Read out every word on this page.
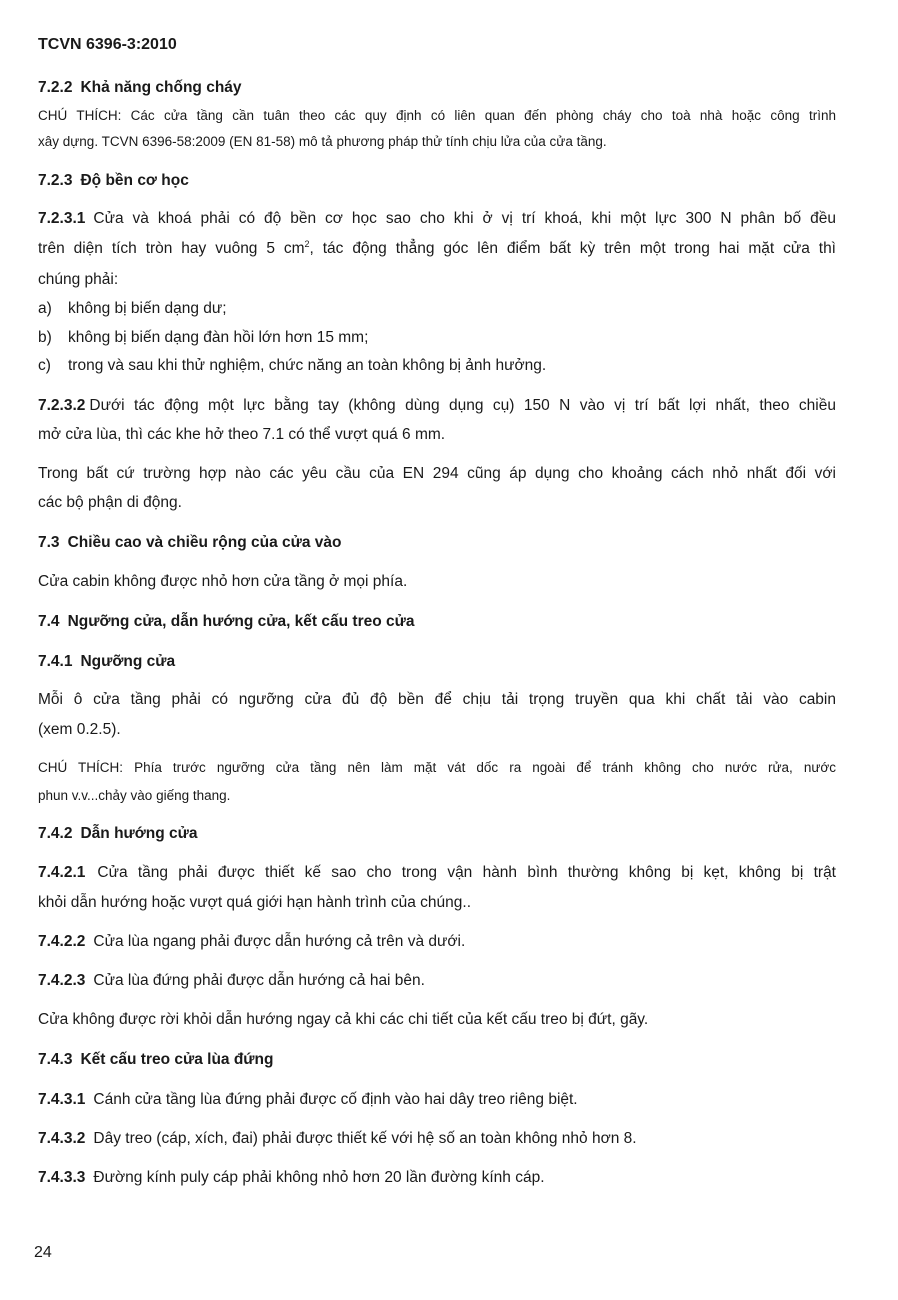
TCVN 6396-3:2010
7.2.2 Khả năng chống cháy
CHÚ THÍCH: Các cửa tầng cần tuân theo các quy định có liên quan đến phòng cháy cho toà nhà hoặc công trình
xây dựng. TCVN 6396-58:2009 (EN 81-58) mô tả phương pháp thử tính chịu lửa của cửa tầng.
7.2.3 Độ bền cơ học
7.2.3.1 Cửa và khoá phải có độ bền cơ học sao cho khi ở vị trí khoá, khi một lực 300 N phân bố đều
trên diện tích tròn hay vuông 5 $cm^2$, tác động thẳng góc lên điểm bất kỳ trên một trong hai mặt cửa thì
chúng phải:
a) không bị biến dạng dư;
b) không bị biến dạng đàn hồi lớn hơn 15 mm;
c) trong và sau khi thử nghiệm, chức năng an toàn không bị ảnh hưởng.
7.2.3.2 Dưới tác động một lực bằng tay (không dùng dụng cụ) 150 N vào vị trí bất lợi nhất, theo chiều
mở cửa lùa, thì các khe hở theo 7.1 có thể vượt quá 6 mm.
Trong bất cứ trường hợp nào các yêu cầu của EN 294 cũng áp dụng cho khoảng cách nhỏ nhất đối với
các bộ phận di động.
7.3 Chiều cao và chiều rộng của cửa vào
Cửa cabin không được nhỏ hơn cửa tầng ở mọi phía.
7.4 Ngưỡng cửa, dẫn hướng cửa, kết cấu treo cửa
7.4.1 Ngưỡng cửa
Mỗi ô cửa tầng phải có ngưỡng cửa đủ độ bền để chịu tải trọng truyền qua khi chất tải vào cabin
(xem 0.2.5).
CHÚ THÍCH: Phía trước ngưỡng cửa tầng nên làm mặt vát dốc ra ngoài để tránh không cho nước rửa, nước
phun v.v...chảy vào giếng thang.
7.4.2 Dẫn hướng cửa
7.4.2.1 Cửa tầng phải được thiết kế sao cho trong vận hành bình thường không bị kẹt, không bị trật
khỏi dẫn hướng hoặc vượt quá giới hạn hành trình của chúng..
7.4.2.2 Cửa lùa ngang phải được dẫn hướng cả trên và dưới.
7.4.2.3 Cửa lùa đứng phải được dẫn hướng cả hai bên.
Cửa không được rời khỏi dẫn hướng ngay cả khi các chi tiết của kết cấu treo bị đứt, gãy.
7.4.3 Kết cấu treo cửa lùa đứng
7.4.3.1 Cánh cửa tầng lùa đứng phải được cố định vào hai dây treo riêng biệt.
7.4.3.2 Dây treo (cáp, xích, đai) phải được thiết kế với hệ số an toàn không nhỏ hơn 8.
7.4.3.3 Đường kính puly cáp phải không nhỏ hơn 20 lần đường kính cáp.
24
